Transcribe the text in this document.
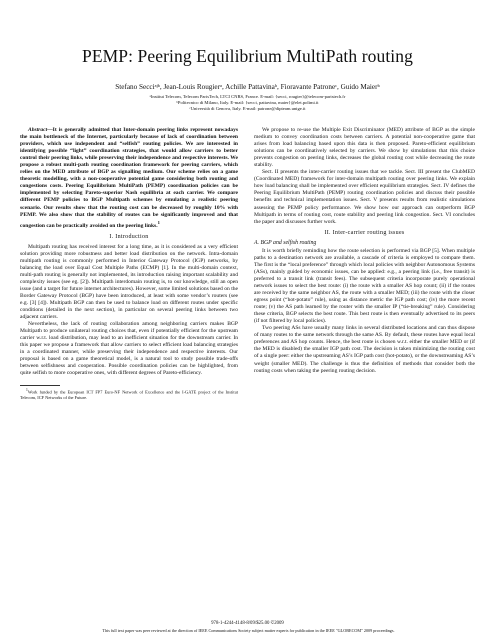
PEMP: Peering Equilibrium MultiPath routing
Stefano Secciᵃʲᵇ, Jean-Louis Rougierᵃ, Achille Pattavinaᵇ, Fioravante Patroneᶜ, Guido Maierᵇ
ᵃInstitut Telecom, Telecom ParisTech, LTCI CNRS, France. E-mail: {secci, rougier}@telecom-paristech.fr
ᵇPolitecnico di Milano, Italy. E-mail: {secci, pattavina, maier}@elet.polimi.it
ᶜUniversità di Genova, Italy. E-mail: patrone@dipteam.unige.it

Abstract—It is generally admitted that Inter-domain peering links represent nowadays the main bottleneck of the Internet, particularly because of lack of coordination between providers, which use independent and “selfish” routing policies. We are interested in identifying possible “light” coordination strategies, that would allow carriers to better control their peering links, while preserving their independence and respective interests. We propose a robust multi-path routing coordination framework for peering carriers, which relies on the MED attribute of BGP as signalling medium. Our scheme relies on a game theoretic modelling, with a non-cooperative potential game considering both routing and congestions costs. Peering Equilibrium MultiPath (PEMP) coordination policies can be implemented by selecting Pareto-superior Nash equilibria at each carrier. We compare different PEMP policies to BGP Multipath schemes by emulating a realistic peering scenario. Our results show that the routing cost can be decreased by roughly 10% with PEMP. We also show that the stability of routes can be significantly improved and that congestion can be practically avoided on the peering links.$^1$

I. Introduction

Multipath routing has received interest for a long time, as it is considered as a very efficient solution providing more robustness and better load distribution on the network. Intra-domain multipath routing is commonly performed in Interior Gateway Protocol (IGP) networks, by balancing the load over Equal Cost Multiple Paths (ECMP) [1]. In the multi-domain context, multi-path routing is generally not implemented, its introduction raising important scalability and complexity issues (see eg. [2]). Multipath interdomain routing is, to our knowledge, still an open issue (and a target for future internet architectures). However, some limited solutions based on the Border Gateway Protocol (BGP) have been introduced, at least with some vendor’s routers (see e.g. [3] [4]). Multipath BGP can then be used to balance load on different routes under specific conditions (detailed in the next section), in particular on several peering links between two adjacent carriers.

Nevertheless, the lack of routing collaboration among neighboring carriers makes BGP Multipath to produce unilateral routing choices that, even if potentially efficient for the upstream carrier w.r.t. load distribution, may lead to an inefficient situation for the downstream carrier. In this paper we propose a framework that allow carriers to select efficient load balancing strategies in a coordinated manner, while preserving their independence and respective interests. Our proposal is based on a game theoretical model, is a natural tool to study possible trade-offs between selfishness and cooperation. Possible coordination policies can be highlighted, from quite selfish to more cooperative ones, with different degrees of Pareto-efficiency.

$^1$Work funded by the European ICT FP7 Euro-NF Network of Excellence and the I-GATE project of the Institut Telecom, ICF Networks of the Future.

We propose to re-use the Multiple Exit Discriminator (MED) attribute of BGP as the simple medium to convey coordination costs between carriers. A potential non-cooperative game that arises from load balancing based upon this data is then proposed. Pareto-efficient equilibrium solutions can be coordinatively selected by carriers. We show by simulations that this choice prevents congestion on peering links, decreases the global routing cost while decreasing the route stability.

Sect. II presents the inter-carrier routing issues that we tackle. Sect. III present the ClubMED (Coordinated MED) framework for inter-domain multipath routing over peering links. We explain how load balancing shall be implemented over efficient equilibrium strategies. Sect. IV defines the Peering Equilibrium MultiPath (PEMP) routing coordination policies and discuss their possible benefits and technical implementation issues. Sect. V presents results from realistic simulations assessing the PEMP policy performance. We show how our approach can outperform BGP Multipath in terms of routing cost, route stability and peering link congestion. Sect. VI concludes the paper and discusses further work.

II. Inter-carrier routing issues
A. BGP and selfish routing

It is worth briefly reminding how the route selection is performed via BGP [5]. When multiple paths to a destination network are available, a cascade of criteria is employed to compare them. The first is the “local preference” through which local policies with neighbor Autonomous Systems (ASs), mainly guided by economic issues, can be applied: e.g., a peering link (i.e., free transit) is preferred to a transit link (transit fees). The subsequent criteria incorporate purely operational network issues to select the best route: (i) the route with a smaller AS hop count; (ii) if the routes are received by the same neighbor AS, the route with a smaller MED; (iii) the route with the closer egress point (“hot-potato” rule), using as distance metric the IGP path cost; (iv) the more recent route; (v) the AS path learned by the router with the smaller IP (“tie-breaking” rule). Considering these criteria, BGP selects the best route. This best route is then eventually advertised to its peers (if not filtered by local policies).

Two peering ASs have usually many links in several distributed locations and can thus dispose of many routes to the same network through the same AS. By default, these routes have equal local preferences and AS hop counts. Hence, the best route is chosen w.r.t. either the smaller MED or (if the MED is disabled) the smaller IGP path cost. The decision is taken minimizing the routing cost of a single peer: either the upstreaming AS’s IGP path cost (hot-potato), or the downstreaming AS’s weight (smaller MED). The challenge is thus the definition of methods that consider both the routing costs when taking the peering routing decision.

978-1-4244-4148-8/09/$25.00 ©2009
This full text paper was peer reviewed at the direction of IEEE Communications Society subject matter experts for publication in the IEEE "GLOBECOM" 2009 proceedings.
